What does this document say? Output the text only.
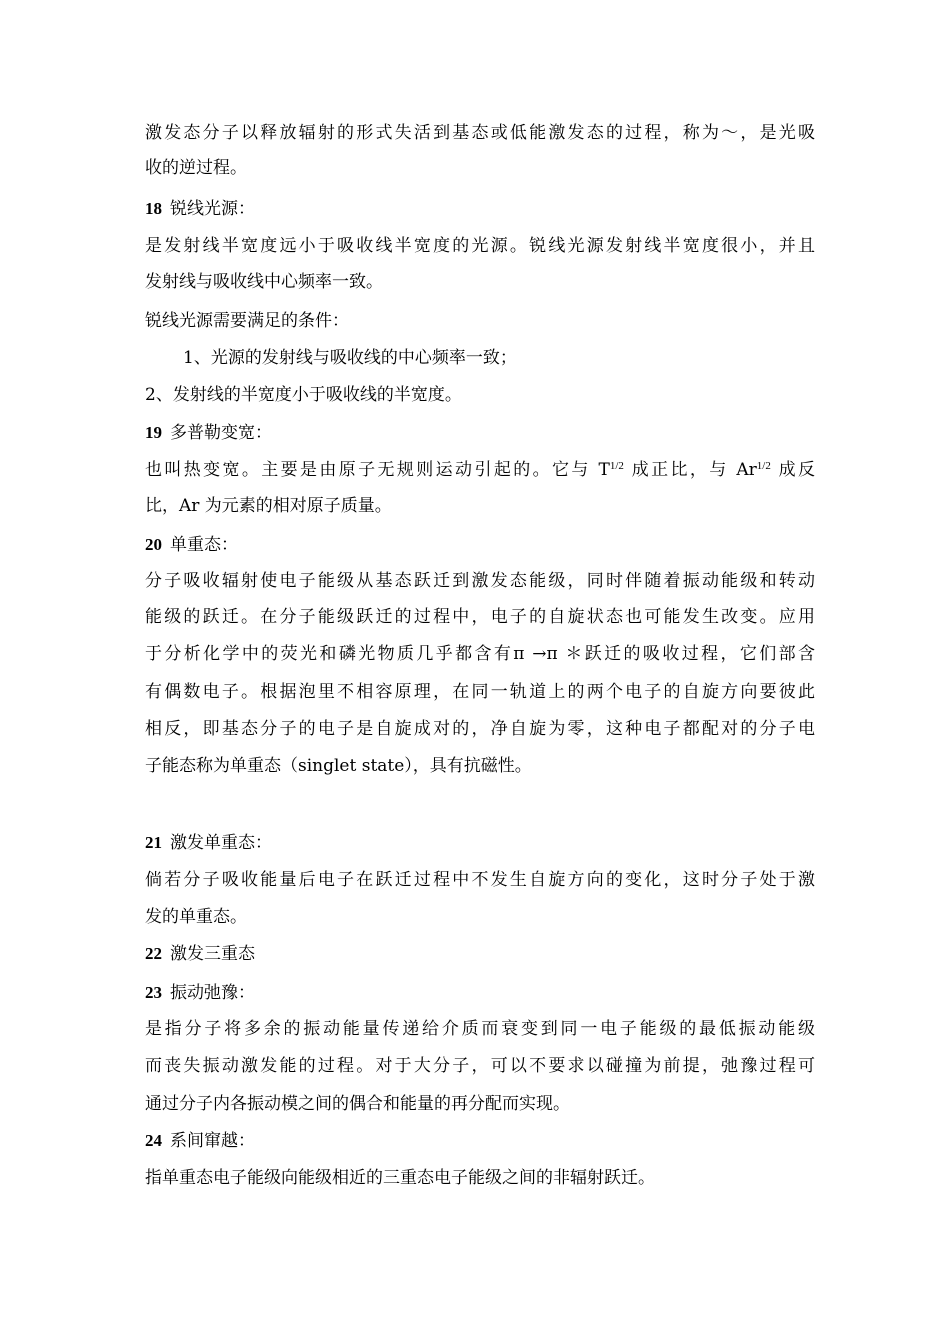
激发态分子以释放辐射的形式失活到基态或低能激发态的过程，称为～，是光吸
收的逆过程。
18 锐线光源：
是发射线半宽度远小于吸收线半宽度的光源。锐线光源发射线半宽度很小，并且
发射线与吸收线中心频率一致。
锐线光源需要满足的条件：
1、光源的发射线与吸收线的中心频率一致；
2、发射线的半宽度小于吸收线的半宽度。
19 多普勒变宽：
也叫热变宽。主要是由原子无规则运动引起的。它与 $T^{1/2}$ 成正比，与 $Ar^{1/2}$ 成反
比，Ar 为元素的相对原子质量。
20 单重态：
分子吸收辐射使电子能级从基态跃迁到激发态能级，同时伴随着振动能级和转动
能级的跃迁。在分子能级跃迁的过程中，电子的自旋状态也可能发生改变。应用
于分析化学中的荧光和磷光物质几乎都含有π →π ＊跃迁的吸收过程，它们部含
有偶数电子。根据泡里不相容原理，在同一轨道上的两个电子的自旋方向要彼此
相反，即基态分子的电子是自旋成对的，净自旋为零，这种电子都配对的分子电
子能态称为单重态（singlet state），具有抗磁性。
21 激发单重态：
倘若分子吸收能量后电子在跃迁过程中不发生自旋方向的变化，这时分子处于激
发的单重态。
22 激发三重态
23 振动弛豫：
是指分子将多余的振动能量传递给介质而衰变到同一电子能级的最低振动能级
而丧失振动激发能的过程。对于大分子，可以不要求以碰撞为前提，弛豫过程可
通过分子内各振动模之间的偶合和能量的再分配而实现。
24 系间窜越：
指单重态电子能级向能级相近的三重态电子能级之间的非辐射跃迁。
